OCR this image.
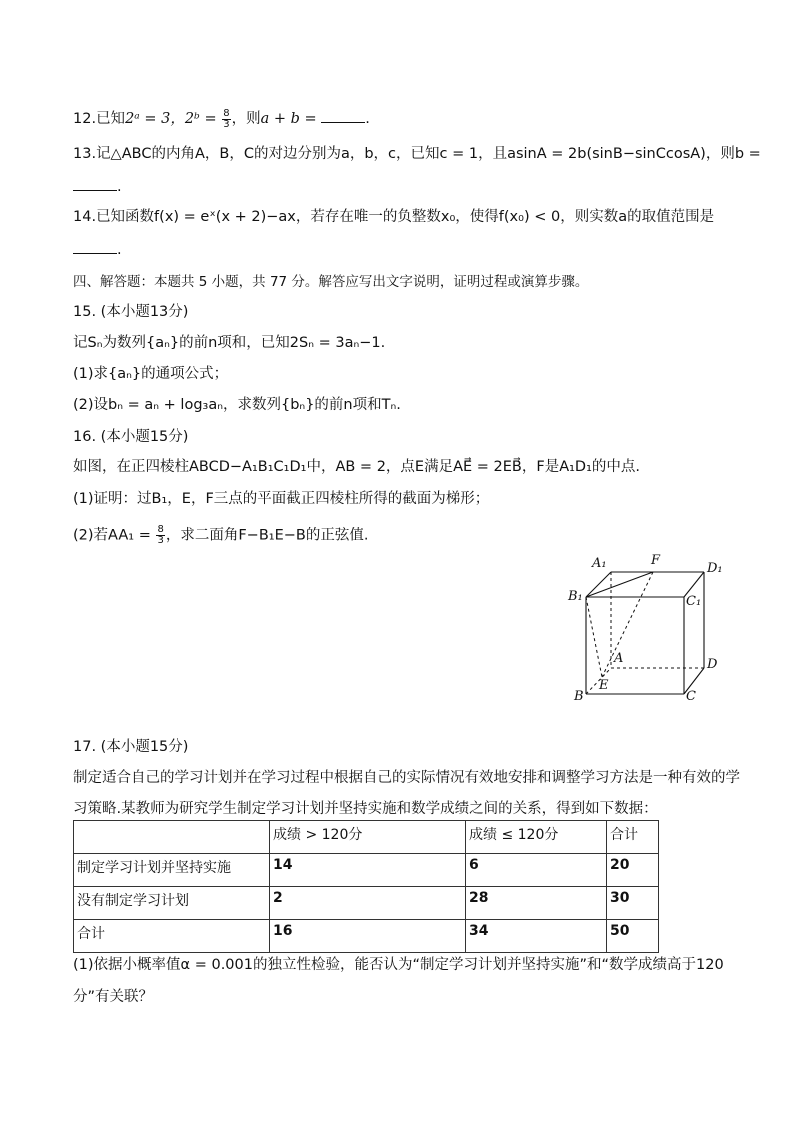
12.已知2ᵃ = 3，2ᵇ = $\frac{8}{3}$ ，则a + b =	.
13.记△ABC的内角A，B，C的对边分别为a，b，c，已知c = 1，且asinA = 2b(sinB−sinCcosA)，则b =
.
14.已知函数f(x) = eˣ(x + 2)−ax，若存在唯一的负整数x₀，使得f(x₀) < 0，则实数a的取值范围是
.
四、解答题：本题共 5 小题，共 77 分。解答应写出文字说明，证明过程或演算步骤。
15. (本小题13分)
记Sₙ为数列{aₙ}的前n项和，已知2Sₙ = 3aₙ−1.
(1)求{aₙ}的通项公式；
(2)设bₙ = aₙ + log₃aₙ，求数列{bₙ}的前n项和Tₙ.
16. (本小题15分)
如图，在正四棱柱ABCD−A₁B₁C₁D₁中，AB = 2，点E满足AE⃗ = 2EB⃗，F是A₁D₁的中点.
(1)证明：过B₁，E，F三点的平面截正四棱柱所得的截面为梯形；
(2)若$AA_1 = \frac{8}{3}$ ，求二面角F−B₁E−B的正弦值.
A₁	F
D₁
B₁	C₁
A	D
E
B	C
17. (本小题15分)
制定适合自己的学习计划并在学习过程中根据自己的实际情况有效地安排和调整学习方法是一种有效的学
习策略.某教师为研究学生制定学习计划并坚持实施和数学成绩之间的关系，得到如下数据：
	成绩 > 120分	成绩 ≤ 120分	合计
制定学习计划并坚持实施	14	6	20
没有制定学习计划	2	28	30
合计	16	34	50
(1)依据小概率值α = 0.001的独立性检验，能否认为“制定学习计划并坚持实施”和“数学成绩高于120
分”有关联？
